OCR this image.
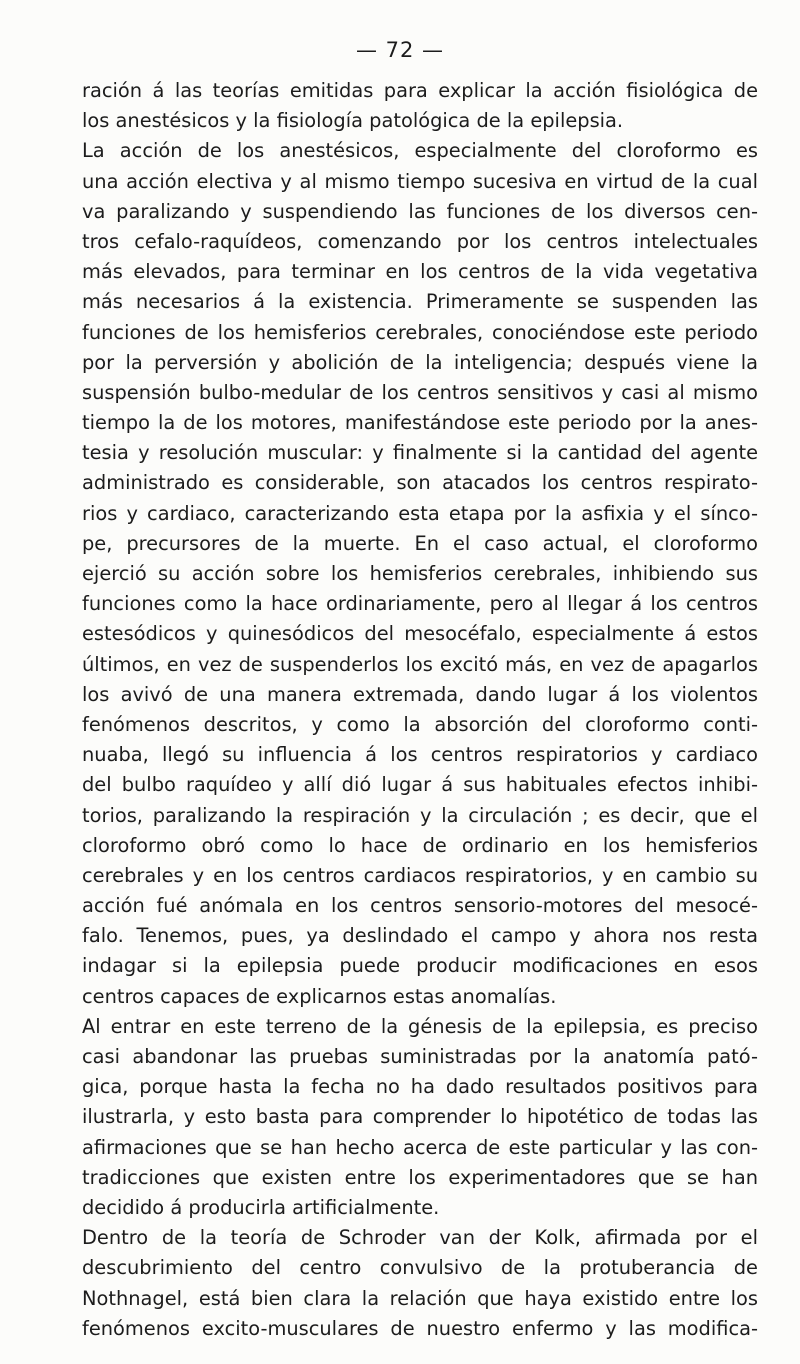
— 72 —
ración á las teorías emitidas para explicar la acción fisiológica de
los anestésicos y la fisiología patológica de la epilepsia.
La acción de los anestésicos, especialmente del cloroformo es
una acción electiva y al mismo tiempo sucesiva en virtud de la cual
va paralizando y suspendiendo las funciones de los diversos cen-
tros cefalo-raquídeos, comenzando por los centros intelectuales
más elevados, para terminar en los centros de la vida vegetativa
más necesarios á la existencia. Primeramente se suspenden las
funciones de los hemisferios cerebrales, conociéndose este periodo
por la perversión y abolición de la inteligencia; después viene la
suspensión bulbo-medular de los centros sensitivos y casi al mismo
tiempo la de los motores, manifestándose este periodo por la anes-
tesia y resolución muscular: y finalmente si la cantidad del agente
administrado es considerable, son atacados los centros respirato-
rios y cardiaco, caracterizando esta etapa por la asfixia y el sínco-
pe, precursores de la muerte. En el caso actual, el cloroformo
ejerció su acción sobre los hemisferios cerebrales, inhibiendo sus
funciones como la hace ordinariamente, pero al llegar á los centros
estesódicos y quinesódicos del mesocéfalo, especialmente á estos
últimos, en vez de suspenderlos los excitó más, en vez de apagarlos
los avivó de una manera extremada, dando lugar á los violentos
fenómenos descritos, y como la absorción del cloroformo conti-
nuaba, llegó su influencia á los centros respiratorios y cardiaco
del bulbo raquídeo y allí dió lugar á sus habituales efectos inhibi-
torios, paralizando la respiración y la circulación ; es decir, que el
cloroformo obró como lo hace de ordinario en los hemisferios
cerebrales y en los centros cardiacos respiratorios, y en cambio su
acción fué anómala en los centros sensorio-motores del mesocé-
falo. Tenemos, pues, ya deslindado el campo y ahora nos resta
indagar si la epilepsia puede producir modificaciones en esos
centros capaces de explicarnos estas anomalías.
Al entrar en este terreno de la génesis de la epilepsia, es preciso
casi abandonar las pruebas suministradas por la anatomía pató-
gica, porque hasta la fecha no ha dado resultados positivos para
ilustrarla, y esto basta para comprender lo hipotético de todas las
afirmaciones que se han hecho acerca de este particular y las con-
tradicciones que existen entre los experimentadores que se han
decidido á producirla artificialmente.
Dentro de la teoría de Schroder van der Kolk, afirmada por el
descubrimiento del centro convulsivo de la protuberancia de
Nothnagel, está bien clara la relación que haya existido entre los
fenómenos excito-musculares de nuestro enfermo y las modifica-
